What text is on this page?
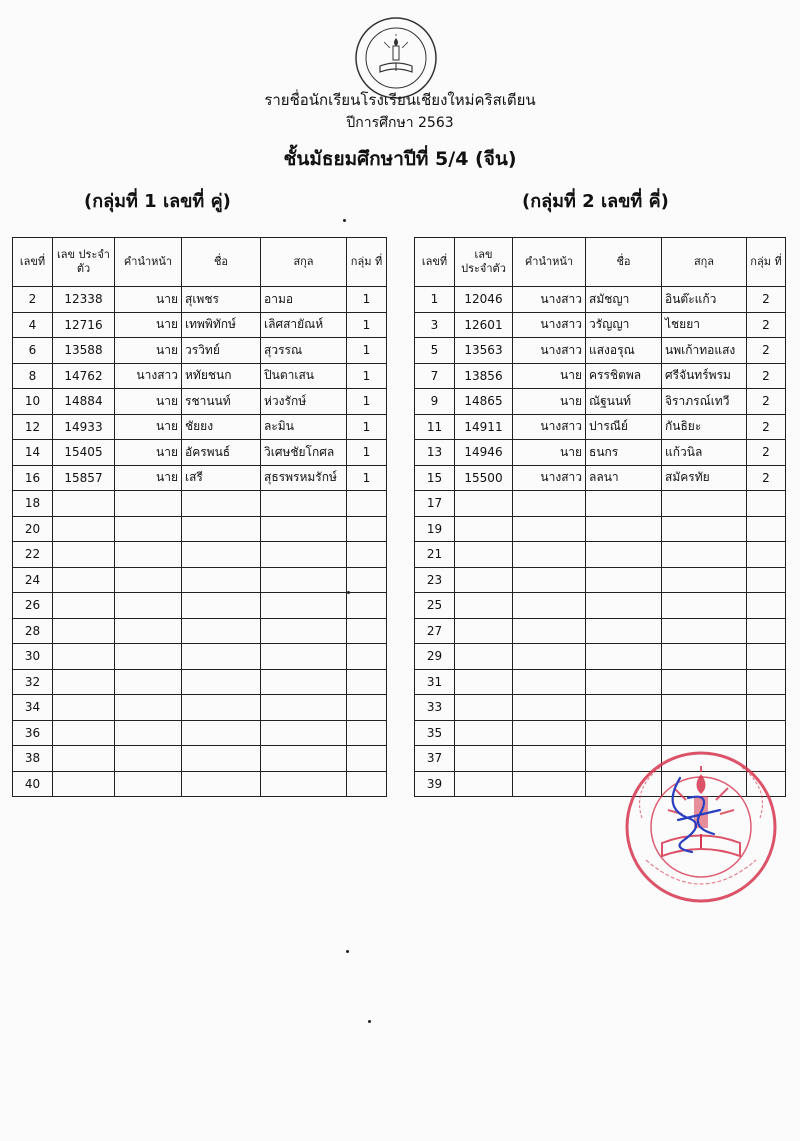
รายชื่อนักเรียนโรงเรียนเชียงใหม่คริสเตียน
ปีการศึกษา 2563
ชั้นมัธยมศึกษาปีที่ 5/4 (จีน)
(กลุ่มที่ 1 เลขที่ คู่)	(กลุ่มที่ 2 เลขที่ คี่)
เลขที่	เลข ประจำตัว	คำนำหน้า	ชื่อ	สกุล	กลุ่ม ที่
2	12338	นาย	สุเพชร	อามอ	1
4	12716	นาย	เทพพิทักษ์	เลิศสายัณห์	1
6	13588	นาย	วรวิทย์	สุวรรณ	1
8	14762	นางสาว	หทัยชนก	ปินตาเสน	1
10	14884	นาย	รชานนท์	ห่วงรักษ์	1
12	14933	นาย	ชัยยง	ละมิน	1
14	15405	นาย	อัครพนธ์	วิเศษชัยโกศล	1
16	15857	นาย	เสรี	สุธรพรหมรักษ์	1
18					
20					
22					
24					
26					
28					
30					
32					
34					
36					
38					
40					
เลขที่	เลข ประจำตัว	คำนำหน้า	ชื่อ	สกุล	กลุ่ม ที่
1	12046	นางสาว	สมัชญา	อินต๊ะแก้ว	2
3	12601	นางสาว	วรัญญา	ไชยยา	2
5	13563	นางสาว	แสงอรุณ	นพเก้าทอแสง	2
7	13856	นาย	ครรชิตพล	ศรีจันทร์พรม	2
9	14865	นาย	ณัฐนนท์	จิราภรณ์เทวี	2
11	14911	นางสาว	ปารณีย์	กันธิยะ	2
13	14946	นาย	ธนกร	แก้วนิล	2
15	15500	นางสาว	ลลนา	สมัครทัย	2
17					
19					
21					
23					
25					
27					
29					
31					
33					
35					
37					
39					
